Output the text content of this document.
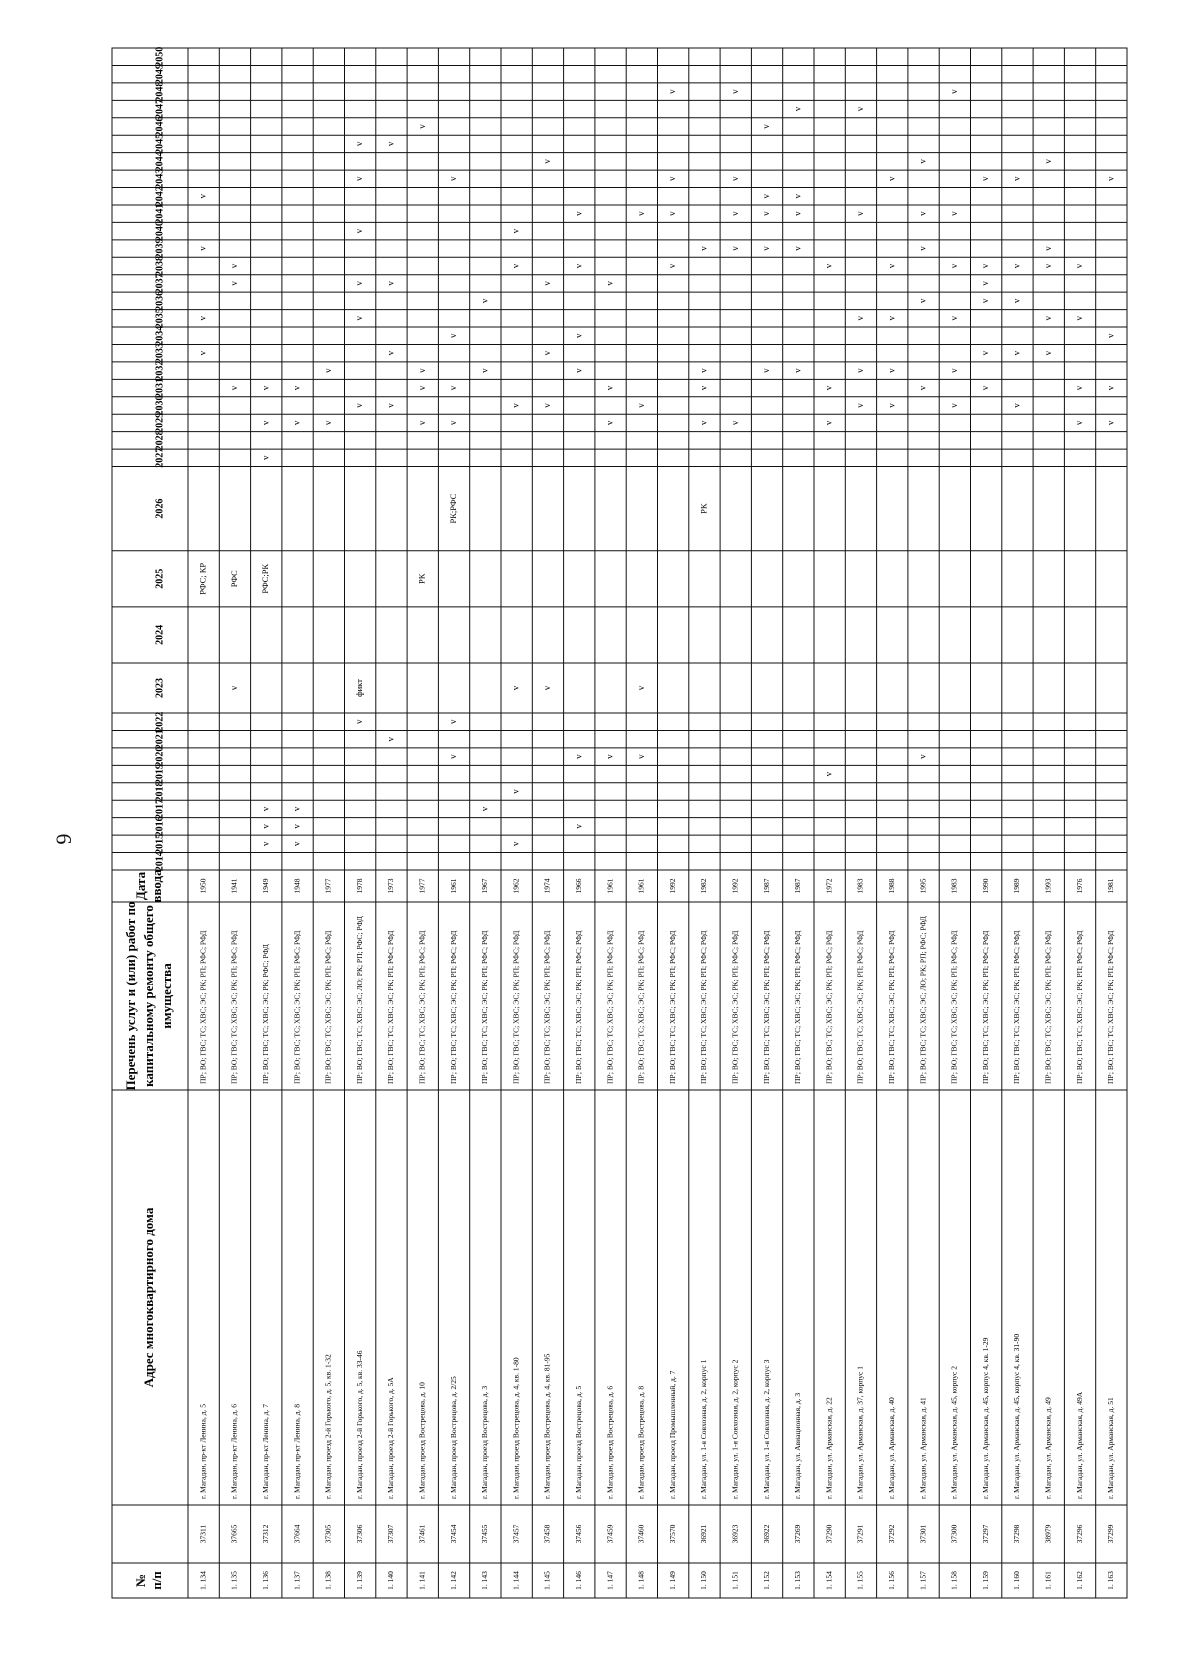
6
№ п/п
Адрес многоквартирного дома
Перечень услуг и (или) работ по капитальному ремонту общего имущества
Дата ввода
2014
2015
2016
2017
2018
2019
2020
2021
2022
2023
2024
2025
2026
2027
2028
2029
2030
2031
2032
2033
2034
2035
2036
2037
2038
2039
2040
2041
2042
2043
2044
2045
2046
2047
2048
2049
2050
1. 134
37311
г. Магадан, пр-кт Ленина, д. 5
ПР; ВО; ГВС; ТС; ХВС; ЭС; РК; РП; РФС; РФД
1950
РФС; КР
v
v
v
v
1. 135
37665
г. Магадан, пр-кт Ленина, д. 6
ПР; ВО; ГВС; ТС; ХВС; ЭС; РК; РП; РФС; РФД
1941
v
РФС
v
v
v
1. 136
37312
г. Магадан, пр-кт Ленина, д. 7
ПР; ВО; ГВС; ТС; ХВС; ЭС; РК; РФС; РФД
1949
v
v
v
РФС;РК
v
v
v
1. 137
37664
г. Магадан, пр-кт Ленина, д. 8
ПР; ВО; ГВС; ТС; ХВС; ЭС; РК; РП; РФС; РФД
1948
v
v
v
v
v
1. 138
37305
г. Магадан, проезд 2-й Горького, д. 5, кв. 1-32
ПР; ВО; ГВС; ТС; ХВС; ЭС; РК; РП; РФС; РФД
1977
v
v
1. 139
37306
г. Магадан, проезд 2-й Горького, д. 5, кв. 33-46
ПР; ВО; ГВС; ТС; ХВС; ЭС; ЛО; РК; РП; РФС; РФД
1978
v
фикт
v
v
v
v
v
v
1. 140
37307
г. Магадан, проезд 2-й Горького, д. 5А
ПР; ВО; ГВС; ТС; ХВС; ЭС; РК; РП; РФС; РФД
1973
v
v
v
v
v
1. 141
37461
г. Магадан, проезд Вострецова, д. 10
ПР; ВО; ГВС; ТС; ХВС; ЭС; РК; РП; РФС; РФД
1977
РК
v
v
v
v
1. 142
37454
г. Магадан, проезд Вострецова, д. 2/25
ПР; ВО; ГВС; ТС; ХВС; ЭС; РК; РП; РФС; РФД
1961
v
v
РК;РФС
v
v
v
v
1. 143
37455
г. Магадан, проезд Вострецова, д. 3
ПР; ВО; ГВС; ТС; ХВС; ЭС; РК; РП; РФС; РФД
1967
v
v
v
1. 144
37457
г. Магадан, проезд Вострецова, д. 4, кв. 1-80
ПР; ВО; ГВС; ТС; ХВС; ЭС; РК; РП; РФС; РФД
1962
v
v
v
v
v
v
1. 145
37458
г. Магадан, проезд Вострецова, д. 4, кв. 81-95
ПР; ВО; ГВС; ТС; ХВС; ЭС; РК; РП; РФС; РФД
1974
v
v
v
v
v
1. 146
37456
г. Магадан, проезд Вострецова, д. 5
ПР; ВО; ГВС; ТС; ХВС; ЭС; РК; РП; РФС; РФД
1966
v
v
v
v
v
v
1. 147
37459
г. Магадан, проезд Вострецова, д. 6
ПР; ВО; ГВС; ТС; ХВС; ЭС; РК; РП; РФС; РФД
1961
v
v
v
v
1. 148
37460
г. Магадан, проезд Вострецова, д. 8
ПР; ВО; ГВС; ТС; ХВС; ЭС; РК; РП; РФС; РФД
1961
v
v
v
v
1. 149
37570
г. Магадан, проезд Промышленный, д. 7
ПР; ВО; ГВС; ТС; ХВС; ЭС; РК; РП; РФС; РФД
1992
v
v
v
v
1. 150
36921
г. Магадан, ул. 1-я Совхозная, д. 2, корпус 1
ПР; ВО; ГВС; ТС; ХВС; ЭС; РК; РП; РФС; РФД
1982
РК
v
v
v
v
1. 151
36923
г. Магадан, ул. 1-я Совхозная, д. 2, корпус 2
ПР; ВО; ГВС; ТС; ХВС; ЭС; РК; РП; РФС; РФД
1992
v
v
v
v
v
1. 152
36922
г. Магадан, ул. 1-я Совхозная, д. 2, корпус 3
ПР; ВО; ГВС; ТС; ХВС; ЭС; РК; РП; РФС; РФД
1987
v
v
v
v
v
1. 153
37269
г. Магадан, ул. Авиационная, д. 3
ПР; ВО; ГВС; ТС; ХВС; ЭС; РК; РП; РФС; РФД
1987
v
v
v
v
v
1. 154
37290
г. Магадан, ул. Арманская, д. 22
ПР; ВО; ГВС; ТС; ХВС; ЭС; РК; РП; РФС; РФД
1972
v
v
v
v
1. 155
37291
г. Магадан, ул. Арманская, д. 37, корпус 1
ПР; ВО; ГВС; ТС; ХВС; ЭС; РК; РП; РФС; РФД
1983
v
v
v
v
v
1. 156
37292
г. Магадан, ул. Арманская, д. 40
ПР; ВО; ГВС; ТС; ХВС; ЭС; РК; РП; РФС; РФД
1988
v
v
v
v
v
1. 157
37301
г. Магадан, ул. Арманская, д. 41
ПР; ВО; ГВС; ТС; ХВС; ЭС; ЛО; РК; РП; РФС; РФД
1995
v
v
v
v
v
v
1. 158
37300
г. Магадан, ул. Арманская, д. 45, корпус 2
ПР; ВО; ГВС; ТС; ХВС; ЭС; РК; РП; РФС; РФД
1983
v
v
v
v
v
v
1. 159
37297
г. Магадан, ул. Арманская, д. 45, корпус 4, кв. 1-29
ПР; ВО; ГВС; ТС; ХВС; ЭС; РК; РП; РФС; РФД
1990
v
v
v
v
v
v
1. 160
37298
г. Магадан, ул. Арманская, д. 45, корпус 4, кв. 31-90
ПР; ВО; ГВС; ТС; ХВС; ЭС; РК; РП; РФС; РФД
1989
v
v
v
v
v
1. 161
38979
г. Магадан, ул. Арманская, д. 49
ПР; ВО; ГВС; ТС; ХВС; ЭС; РК; РП; РФС; РФД
1993
v
v
v
v
v
1. 162
37296
г. Магадан, ул. Арманская, д. 49А
ПР; ВО; ГВС; ТС; ХВС; ЭС; РК; РП; РФС; РФД
1976
v
v
v
v
1. 163
37299
г. Магадан, ул. Арманская, д. 51
ПР; ВО; ГВС; ТС; ХВС; ЭС; РК; РП; РФС; РФД
1981
v
v
v
v
